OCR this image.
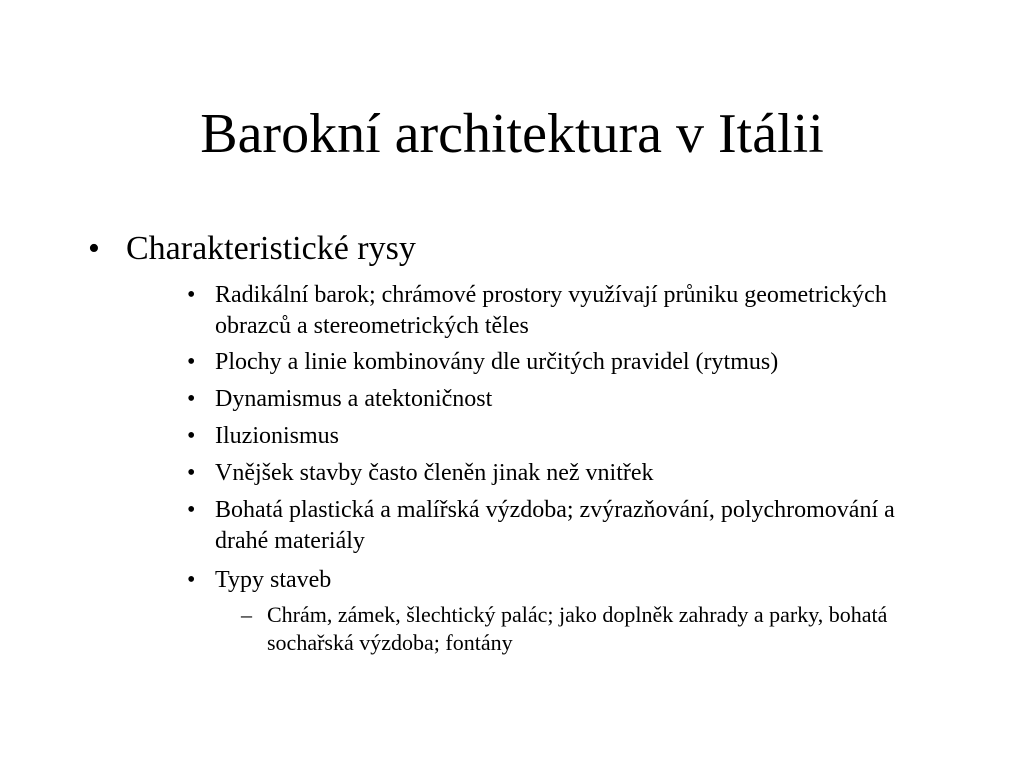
Barokní architektura v Itálii
• Charakteristické rysy
• Radikální barok; chrámové prostory využívají průniku geometrických obrazců a stereometrických těles
• Plochy a linie kombinovány dle určitých pravidel (rytmus)
• Dynamismus a atektoničnost
• Iluzionismus
• Vnějšek stavby často členěn jinak než vnitřek
• Bohatá plastická a malířská výzdoba; zvýrazňování, polychromování a drahé materiály
• Typy staveb
– Chrám, zámek, šlechtický palác; jako doplněk zahrady a parky, bohatá sochařská výzdoba; fontány
